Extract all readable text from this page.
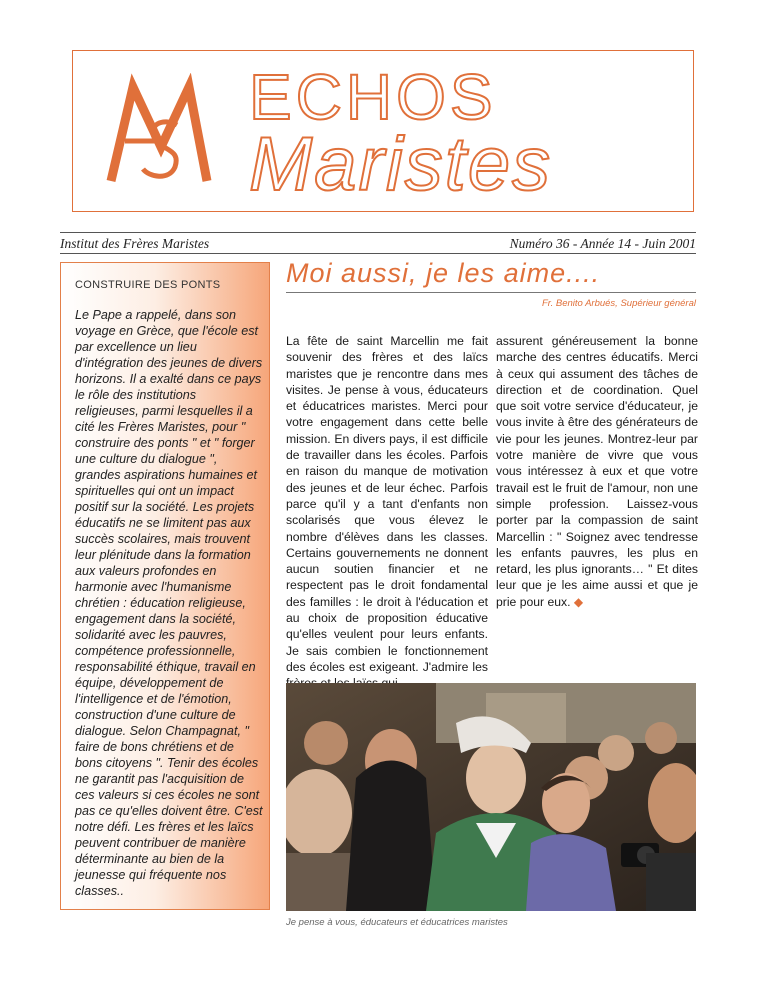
ECHOS
Maristes
Institut des Frères Maristes	Numéro 36 - Année 14 - Juin 2001
CONSTRUIRE DES PONTS

Le Pape a rappelé, dans son voyage en Grèce, que l'école est par excellence un lieu d'intégration des jeunes de divers horizons. Il a exalté dans ce pays le rôle des institutions religieuses, parmi lesquelles il a cité les Frères Maristes, pour " construire des ponts " et " forger une culture du dialogue ", grandes aspirations humaines et spirituelles qui ont un impact positif sur la société. Les projets éducatifs ne se limitent pas aux succès scolaires, mais trouvent leur plénitude dans la formation aux valeurs profondes en harmonie avec l'humanisme chrétien : éducation religieuse, engagement dans la société, solidarité avec les pauvres, compétence professionnelle, responsabilité éthique, travail en équipe, développement de l'intelligence et de l'émotion, construction d'une culture de dialogue. Selon Champagnat, " faire de bons chrétiens et de bons citoyens ". Tenir des écoles ne garantit pas l'acquisition de ces valeurs si ces écoles ne sont pas ce qu'elles doivent être. C'est notre défi. Les frères et les laïcs peuvent contribuer de manière déterminante au bien de la jeunesse qui fréquente nos classes..

Moi aussi, je les aime....
Fr. Benito Arbués, Supérieur général

La fête de saint Marcellin me fait souvenir des frères et des laïcs maristes que je rencontre dans mes visites. Je pense à vous, éducateurs et éducatrices maristes. Merci pour votre engagement dans cette belle mission. En divers pays, il est difficile de travailler dans les écoles. Parfois en raison du manque de motivation des jeunes et de leur échec. Parfois parce qu'il y a tant d'enfants non scolarisés que vous élevez le nombre d'élèves dans les classes. Certains gouvernements ne donnent aucun soutien financier et ne respectent pas le droit fondamental des familles : le droit à l'éducation et au choix de proposition éducative qu'elles veulent pour leurs enfants. Je sais combien le fonctionnement des écoles est exigeant. J'admire les

assurent généreusement la bonne marche des centres éducatifs. Merci à ceux qui assument des tâches de direction et de coordination. Quel que soit votre service d'éducateur, je vous invite à être des générateurs de vie pour les jeunes. Montrez-leur par votre manière de vivre que vous vous intéressez à eux et que votre travail est le fruit de l'amour, non une simple profession. Laissez-vous porter par la compassion de saint Marcellin : " Soignez avec tendresse les enfants pauvres, les plus en retard, les plus ignorants… " Et dites leur que je les aime aussi et que je prie pour eux. ◆

Je pense à vous, éducateurs et éducatrices maristes
